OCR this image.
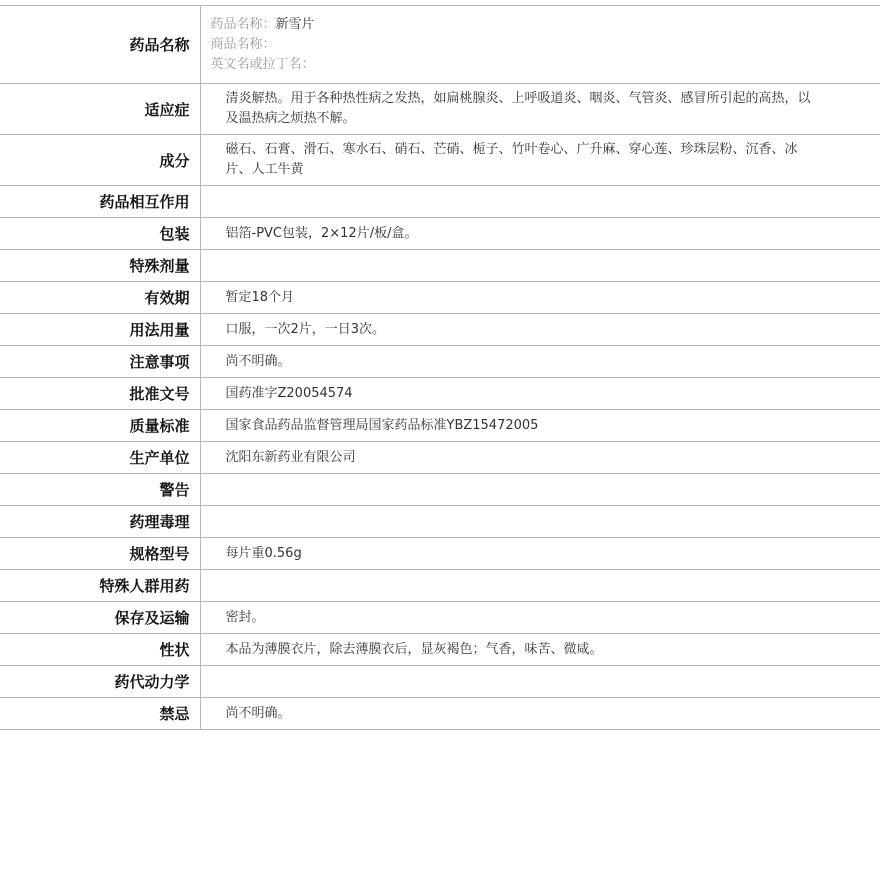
药品名称	药品名称：新雪片
商品名称：
英文名或拉丁名：

适应症	清炎解热。用于各种热性病之发热，如扁桃腺炎、上呼吸道炎、咽炎、气管炎、感冒所引起的高热，以及温热病之烦热不解。
成分	磁石、石膏、滑石、寒水石、硝石、芒硝、栀子、竹叶卷心、广升麻、穿心莲、珍珠层粉、沉香、冰片、人工牛黄
药品相互作用	
包装	铝箔-PVC包装，2×12片/板/盒。
特殊剂量	
有效期	暂定18个月
用法用量	口服，一次2片，一日3次。
注意事项	尚不明确。
批准文号	国药准字Z20054574
质量标准	国家食品药品监督管理局国家药品标准YBZ15472005
生产单位	沈阳东新药业有限公司
警告	
药理毒理	
规格型号	每片重0.56g
特殊人群用药	
保存及运输	密封。
性状	本品为薄膜衣片，除去薄膜衣后，显灰褐色；气香，味苦、微咸。
药代动力学	
禁忌	尚不明确。
